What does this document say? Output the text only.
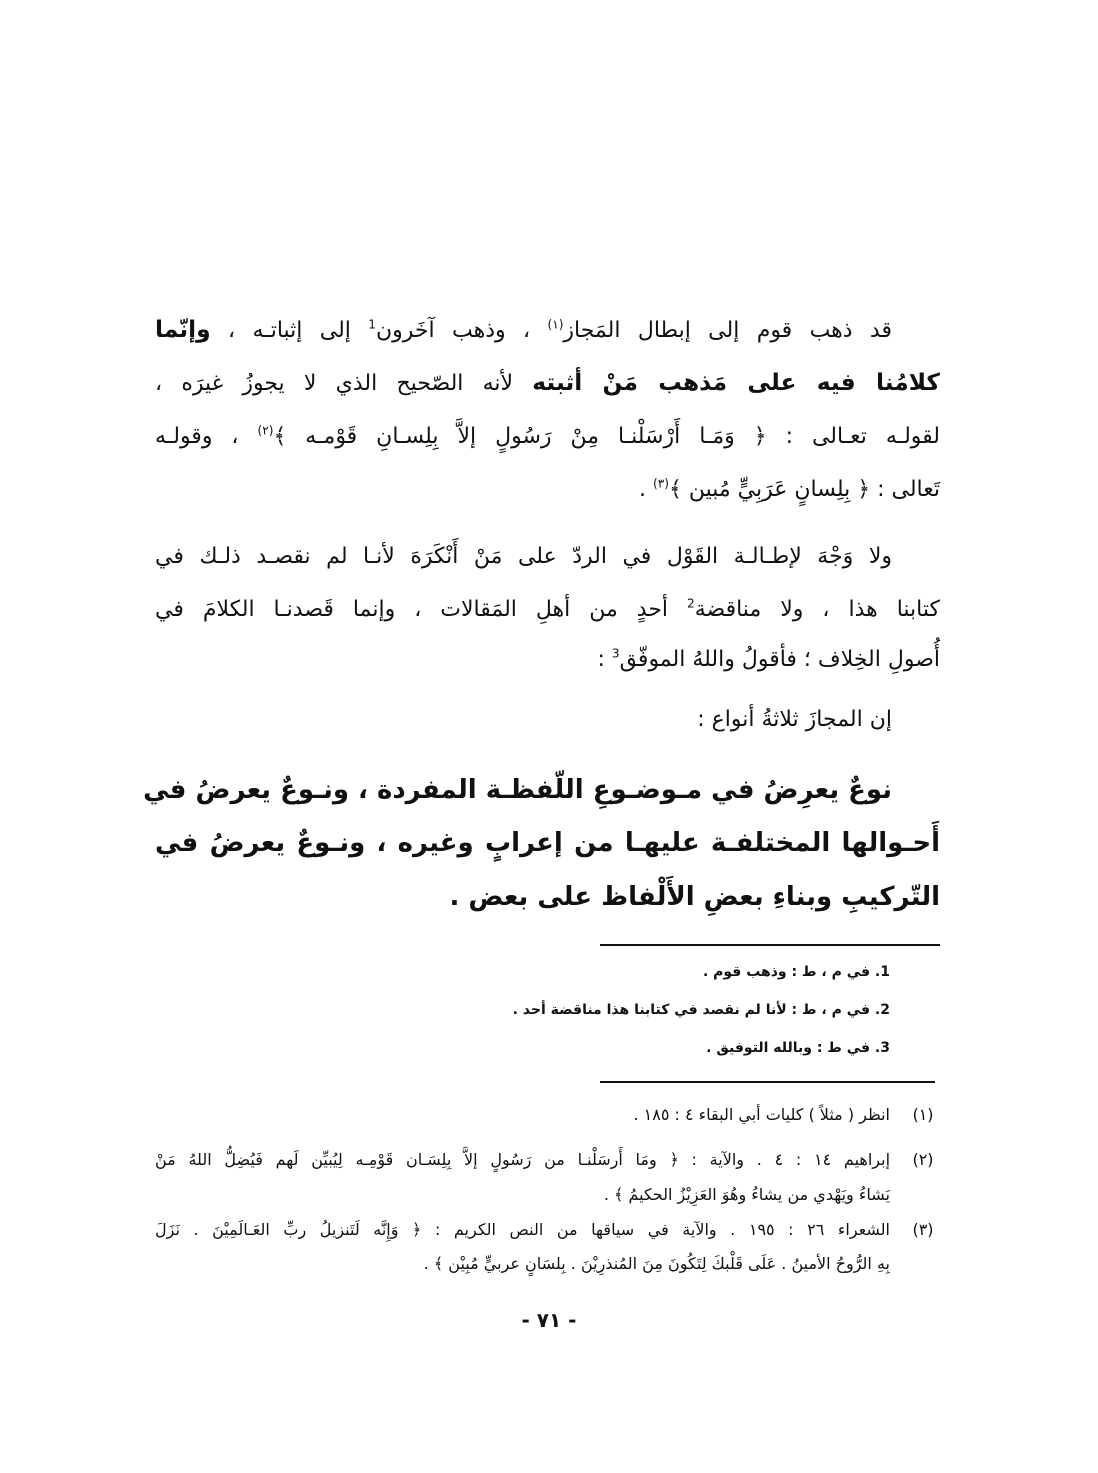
قد ذهب قوم إلى إبطال المَجاز$^{(١)}$ ، وذهب آخَرون$^1$ إلى إثباتـه ، وإنّما
كلامُنا فيه على مَذهب مَنْ أثبته لأنه الصّحيح الذي لا يجوزُ غيرَه ،
لقولـه تعـالى : ﴿ وَمَـا أَرْسَلْنـا مِنْ رَسُولٍ إلاَّ بِلِسـانِ قَوْمـه ﴾$^{(٢)}$ ، وقولـه
تَعالى : ﴿ بِلِسانٍ عَرَبِيٍّ مُبين ﴾$^{(٣)}$ .
ولا وَجْهَ لإطـالـة القَوْل في الردّ على مَنْ أَنْكَرَهَ لأنـا لم نقصـد ذلـك في
كتابنا هذا ، ولا مناقضة$^2$ أحدٍ من أهلِ المَقالات ، وإنما قَصدنـا الكلامَ في
أُصولِ الخِلاف ؛ فأقولُ واللهُ الموفّق$^3$ :
إن المجازَ ثلاثةُ أنواع :
نوعٌ يعرِضُ في مـوضـوعِ اللّفظـة المفردة ، ونـوعٌ يعرضُ في
أَحـوالها المختلفـة عليهـا من إعرابٍ وغيره ، ونـوعٌ يعرضُ في
التّركيبِ وبناءِ بعضِ الأَلْفاظ على بعض .
1. في م ، ط : وذهب قوم .
2. في م ، ط : لأنا لم نقصد في كتابنا هذا مناقضة أحد .
3. في ط : وبالله التوفيق .
(١)
انظر ( مثلاً ) كليات أبي البقاء ٤ : ١٨٥ .
(٢)
إبراهيم ١٤ : ٤ . والآية : ﴿ ومَا أَرسَلْنـا من رَسُولٍ إلاَّ بِلِسَـان قَوْمِـه لِيُبيِّن لَهم فَيُضِلُّ اللهُ مَنْ
يَشاءُ ويَهْدي من يشاءُ وهُوَ العَزِيْزُ الحكيمُ ﴾ .
(٣)
الشعراء ٢٦ : ١٩٥ . والآية في سياقها من النص الكريم : ﴿ وَإِنَّه لَتَنزيلُ ربِّ العَـالَمِيْنَ . نَزَلَ
بِهِ الرُّوحُ الأمينُ . عَلَى قَلْبكَ لِتَكُونَ مِنَ المُنذرِيْنَ . بِلسَانٍ عربيٍّ مُبِيْن ﴾ .
- ٧١ -
